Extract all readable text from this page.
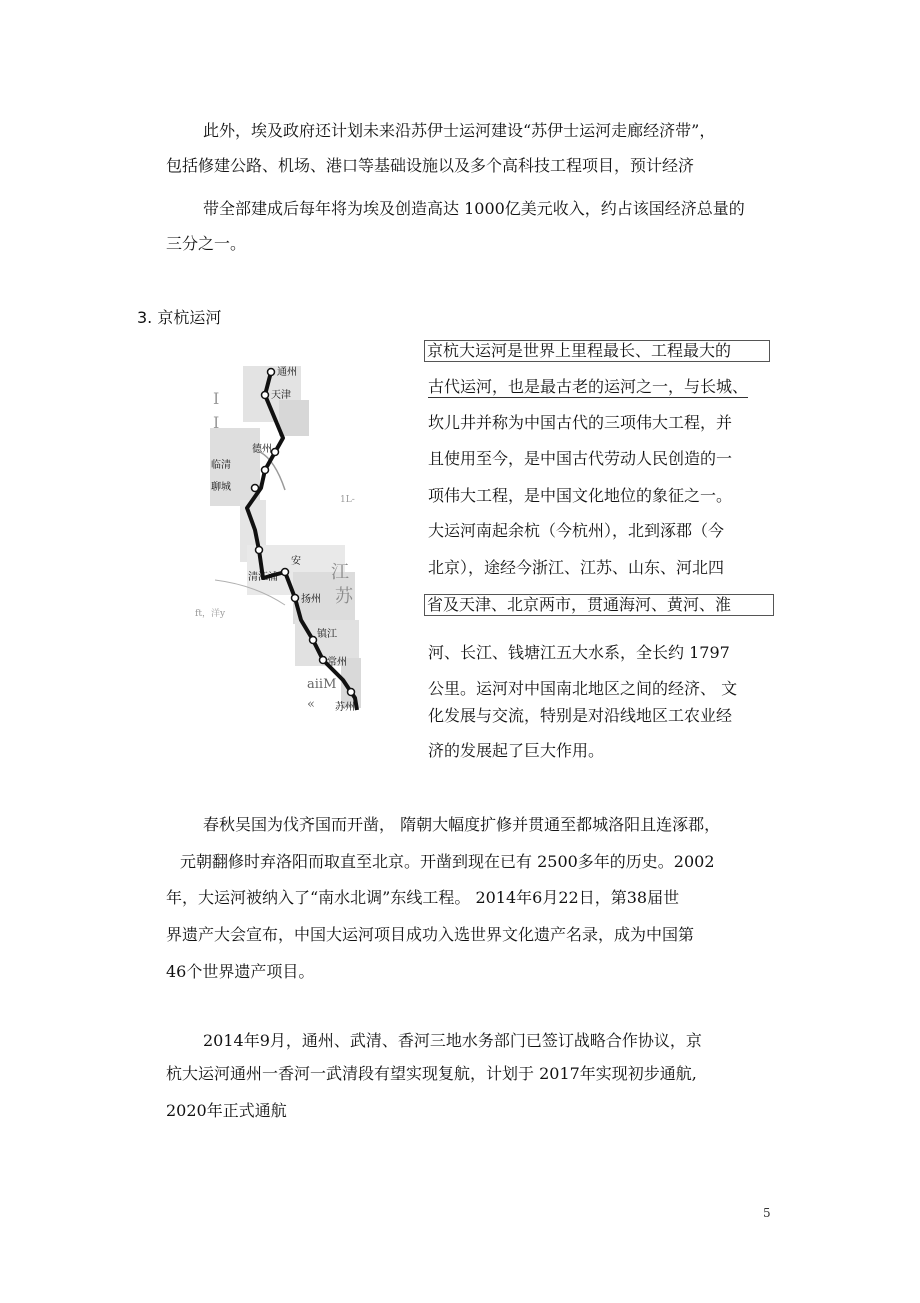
此外，埃及政府还计划未来沿苏伊士运河建设“苏伊士运河走廊经济带”，
包括修建公路、机场、港口等基础设施以及多个高科技工程项目，预计经济
带全部建成后每年将为埃及创造高达 1000亿美元收入，约占该国经济总量的
三分之一。
3. 京杭运河
通州
天津
德州
临清
聊城
安
清江浦
扬州
镇江
常州
苏州
江
苏
I
I
1L-
ft，洋y
aiiM
«
京杭大运河是世界上里程最长、工程最大的
古代运河，也是最古老的运河之一，与长城、
坎儿井并称为中国古代的三项伟大工程，并
且使用至今，是中国古代劳动人民创造的一
项伟大工程，是中国文化地位的象征之一。
大运河南起余杭（今杭州），北到涿郡（今
北京），途经今浙江、江苏、山东、河北四
省及天津、北京两市，贯通海河、黄河、淮
河、长江、钱塘江五大水系，全长约 1797
公里。运河对中国南北地区之间的经济、 文
化发展与交流，特别是对沿线地区工农业经
济的发展起了巨大作用。
春秋吴国为伐齐国而开凿， 隋朝大幅度扩修并贯通至都城洛阳且连涿郡，
元朝翻修时弃洛阳而取直至北京。开凿到现在已有 2500多年的历史。2002
年，大运河被纳入了“南水北调”东线工程。 2014年6月22日，第38届世
界遗产大会宣布，中国大运河项目成功入选世界文化遗产名录，成为中国第
46个世界遗产项目。
2014年9月，通州、武清、香河三地水务部门已签订战略合作协议，京
杭大运河通州一香河一武清段有望实现复航，计划于 2017年实现初步通航,
2020年正式通航
5
